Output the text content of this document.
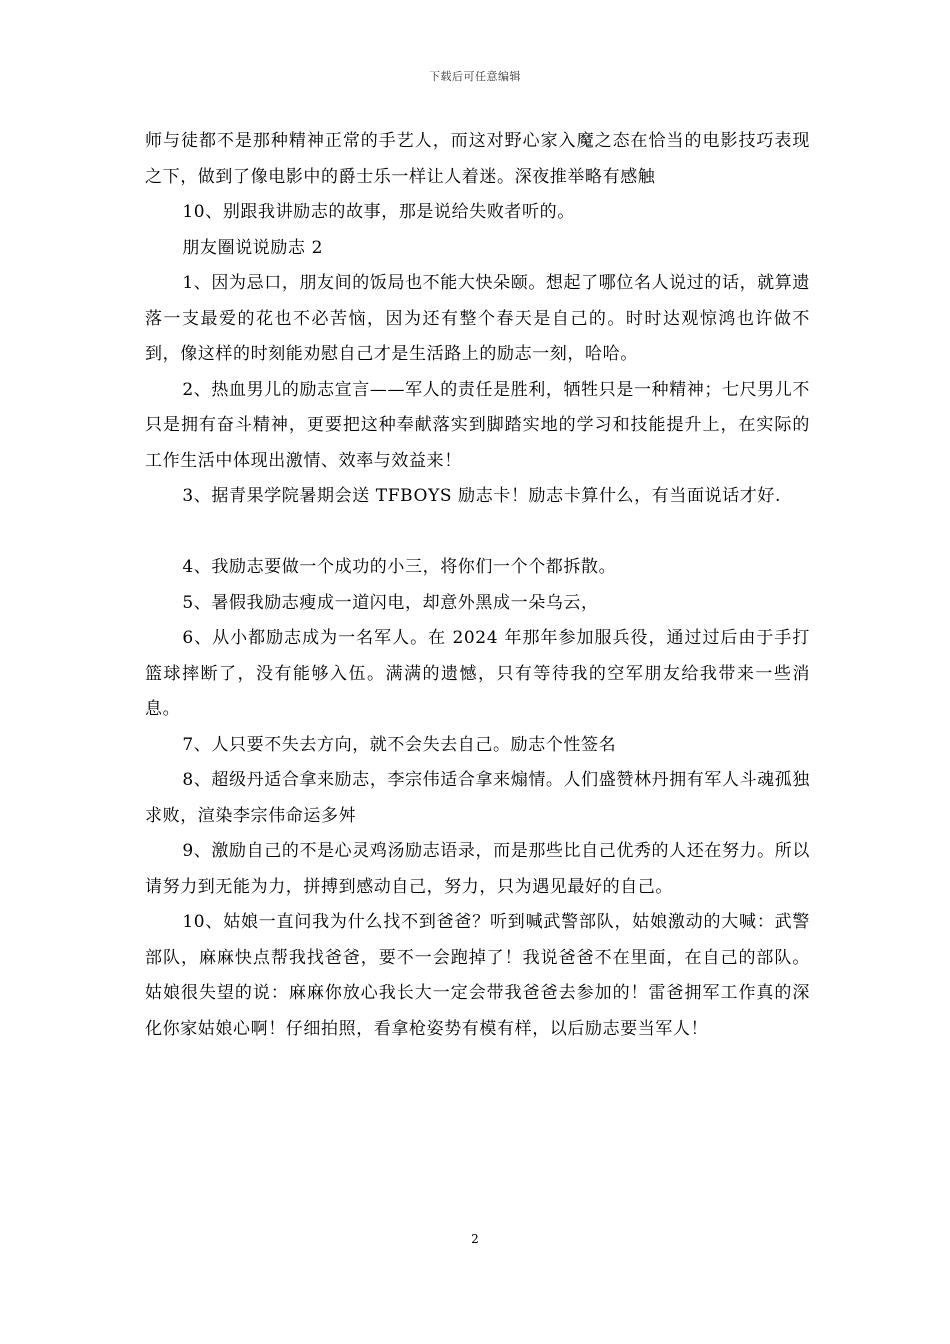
下载后可任意编辑

师与徒都不是那种精神正常的手艺人，而这对野心家入魔之态在恰当的电影技巧表现之下，做到了像电影中的爵士乐一样让人着迷。深夜推举略有感触

10、别跟我讲励志的故事，那是说给失败者听的。

朋友圈说说励志 2

1、因为忌口，朋友间的饭局也不能大快朵颐。想起了哪位名人说过的话，就算遗落一支最爱的花也不必苦恼，因为还有整个春天是自己的。时时达观惊鸿也许做不到，像这样的时刻能劝慰自己才是生活路上的励志一刻，哈哈。

2、热血男儿的励志宣言——军人的责任是胜利，牺牲只是一种精神；七尺男儿不只是拥有奋斗精神，更要把这种奉献落实到脚踏实地的学习和技能提升上，在实际的工作生活中体现出激情、效率与效益来！

3、据青果学院暑期会送 TFBOYS 励志卡！励志卡算什么，有当面说话才好.

4、我励志要做一个成功的小三，将你们一个个都拆散。

5、暑假我励志瘦成一道闪电，却意外黑成一朵乌云，

6、从小都励志成为一名军人。在 2024 年那年参加服兵役，通过过后由于手打篮球摔断了，没有能够入伍。满满的遗憾，只有等待我的空军朋友给我带来一些消息。

7、人只要不失去方向，就不会失去自己。励志个性签名

8、超级丹适合拿来励志，李宗伟适合拿来煽情。人们盛赞林丹拥有军人斗魂孤独求败，渲染李宗伟命运多舛

9、激励自己的不是心灵鸡汤励志语录，而是那些比自己优秀的人还在努力。所以请努力到无能为力，拼搏到感动自己，努力，只为遇见最好的自己。

10、姑娘一直问我为什么找不到爸爸？听到喊武警部队，姑娘激动的大喊：武警部队，麻麻快点帮我找爸爸，要不一会跑掉了！我说爸爸不在里面，在自己的部队。姑娘很失望的说：麻麻你放心我长大一定会带我爸爸去参加的！雷爸拥军工作真的深化你家姑娘心啊！仔细拍照，看拿枪姿势有模有样，以后励志要当军人！

2
